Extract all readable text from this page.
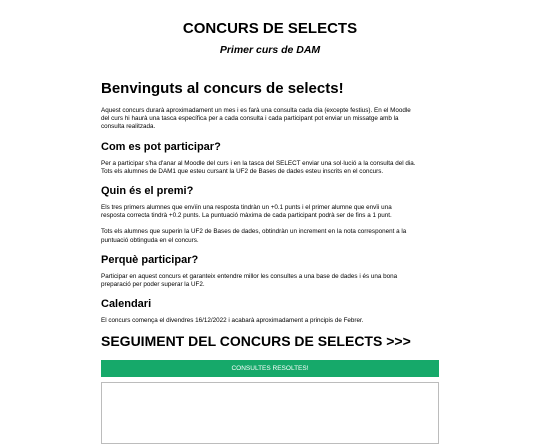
CONCURS DE SELECTS
Primer curs de DAM
Benvinguts al concurs de selects!

Aquest concurs durarà aproximadament un mes i es farà una consulta cada dia (excepte festius). En el Moodle
del curs hi haurà una tasca específica per a cada consulta i cada participant pot enviar un missatge amb la
consulta realitzada.

Com es pot participar?

Per a participar s'ha d'anar al Moodle del curs i en la tasca del SELECT enviar una sol·lució a la consulta del dia.
Tots els alumnes de DAM1 que esteu cursant la UF2 de Bases de dades esteu inscrits en el concurs.

Quin és el premi?

Els tres primers alumnes que envïin una resposta tindràn un +0.1 punts i el primer alumne que envïi una
resposta correcta tindrà +0.2 punts. La puntuació màxima de cada participant podrà ser de fins a 1 punt.

Tots els alumnes que superin la UF2 de Bases de dades, obtindràn un increment en la nota corresponent a la
puntuació obtinguda en el concurs.

Perquè participar?

Participar en aquest concurs et garanteix entendre millor les consultes a una base de dades i és una bona
preparació per poder superar la UF2.

Calendari

El concurs comença el divendres 16/12/2022 i acabarà aproximadament a principis de Febrer.

SEGUIMENT DEL CONCURS DE SELECTS >>>
CONSULTES RESOLTES!
